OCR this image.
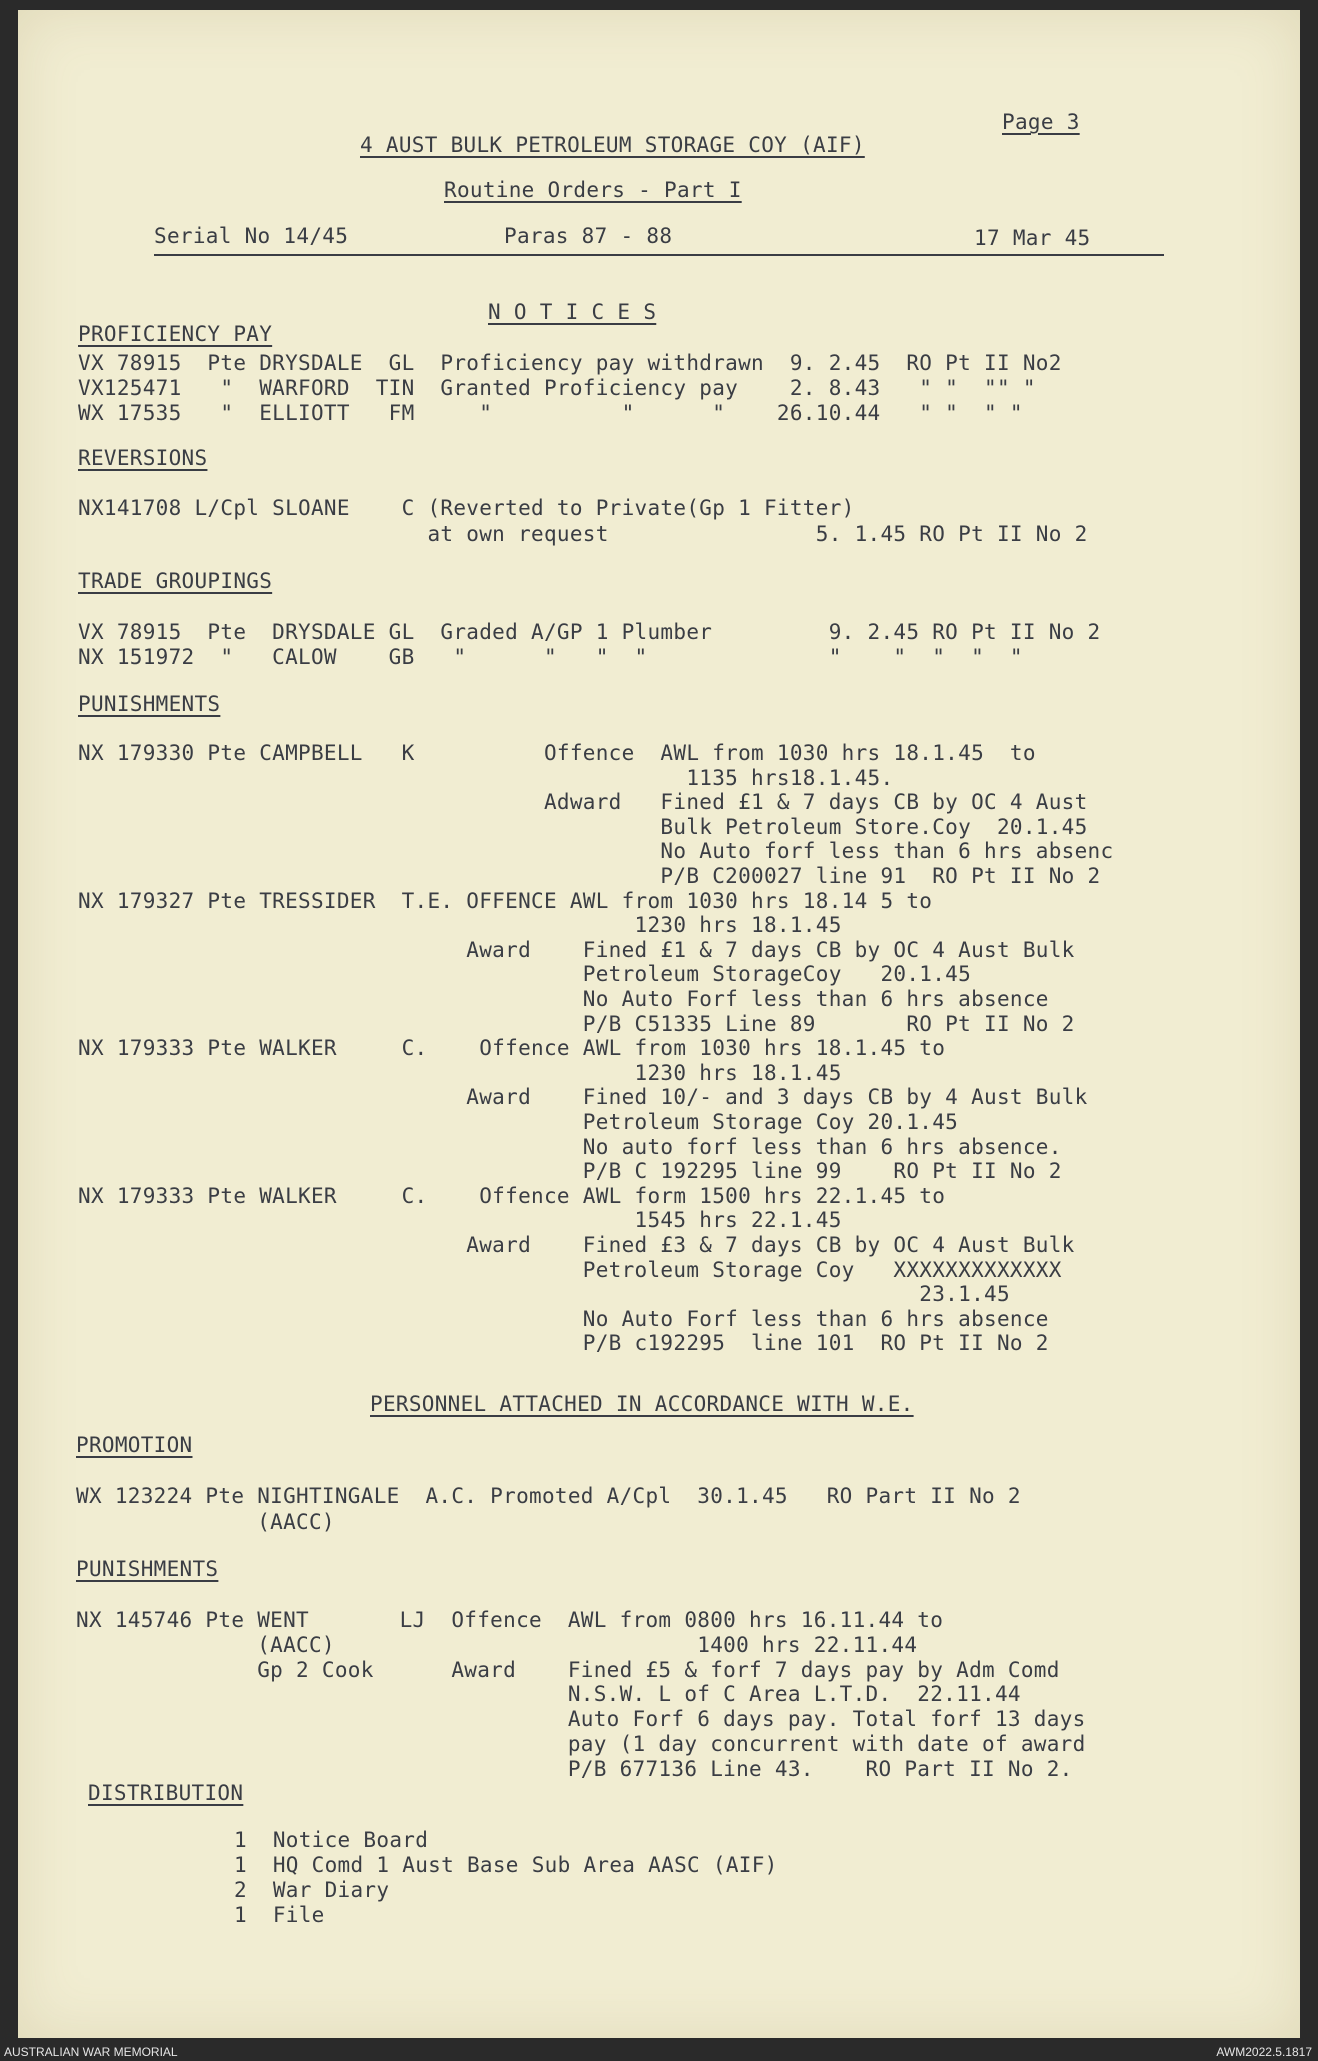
Page 3
4 AUST BULK PETROLEUM STORAGE COY (AIF)
Routine Orders - Part I
Serial No 14/45	Paras 87 - 88	17 Mar 45
N O T I C E S
PROFICIENCY PAY
VX 78915  Pte DRYSDALE  GL  Proficiency pay withdrawn  9. 2.45  RO Pt II No2
VX125471   "  WARFORD  TIN  Granted Proficiency pay    2. 8.43   " "  "" "
WX 17535   "  ELLIOTT   FM     "          "      "    26.10.44   " "  " "
REVERSIONS
NX141708 L/Cpl SLOANE    C (Reverted to Private(Gp 1 Fitter)
at own request                5. 1.45 RO Pt II No 2
TRADE GROUPINGS
VX 78915  Pte  DRYSDALE GL  Graded A/GP 1 Plumber         9. 2.45 RO Pt II No 2
NX 151972  "   CALOW    GB   "      "   "  "              "    "  "  "  "
PUNISHMENTS
NX 179330 Pte CAMPBELL   K          Offence  AWL from 1030 hrs 18.1.45  to
1135 hrs18.1.45.
Adward   Fined £1 & 7 days CB by OC 4 Aust
Bulk Petroleum Store.Coy  20.1.45
No Auto forf less than 6 hrs absenc
P/B C200027 line 91  RO Pt II No 2
NX 179327 Pte TRESSIDER  T.E. OFFENCE AWL from 1030 hrs 18.14 5 to
1230 hrs 18.1.45
Award    Fined £1 & 7 days CB by OC 4 Aust Bulk
Petroleum StorageCoy   20.1.45
No Auto Forf less than 6 hrs absence
P/B C51335 Line 89       RO Pt II No 2
NX 179333 Pte WALKER     C.    Offence AWL from 1030 hrs 18.1.45 to
1230 hrs 18.1.45
Award    Fined 10/- and 3 days CB by 4 Aust Bulk
Petroleum Storage Coy 20.1.45
No auto forf less than 6 hrs absence.
P/B C 192295 line 99    RO Pt II No 2
NX 179333 Pte WALKER     C.    Offence AWL form 1500 hrs 22.1.45 to
1545 hrs 22.1.45
Award    Fined £3 & 7 days CB by OC 4 Aust Bulk
Petroleum Storage Coy   XXXXXXXXXXXXX
23.1.45
No Auto Forf less than 6 hrs absence
P/B c192295  line 101  RO Pt II No 2
PERSONNEL ATTACHED IN ACCORDANCE WITH W.E.
PROMOTION
WX 123224 Pte NIGHTINGALE  A.C. Promoted A/Cpl  30.1.45   RO Part II No 2
(AACC)
PUNISHMENTS
NX 145746 Pte WENT       LJ  Offence  AWL from 0800 hrs 16.11.44 to
(AACC)                            1400 hrs 22.11.44
Gp 2 Cook      Award    Fined £5 & forf 7 days pay by Adm Comd
N.S.W. L of C Area L.T.D.  22.11.44
Auto Forf 6 days pay. Total forf 13 days
pay (1 day concurrent with date of award
P/B 677136 Line 43.    RO Part II No 2.
DISTRIBUTION
1  Notice Board
1  HQ Comd 1 Aust Base Sub Area AASC (AIF)
2  War Diary
1  File
AUSTRALIAN WAR MEMORIAL	AWM2022.5.1817
